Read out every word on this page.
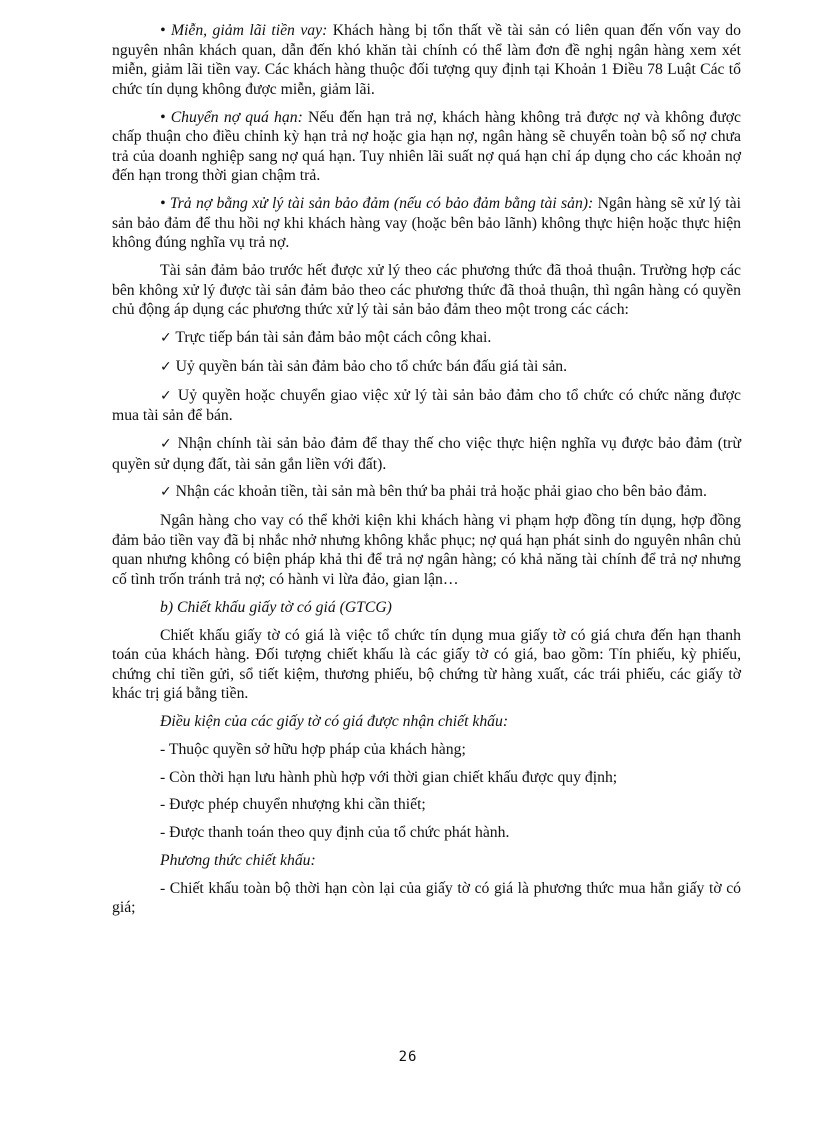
• Miễn, giảm lãi tiền vay: Khách hàng bị tổn thất về tài sản có liên quan đến vốn vay do nguyên nhân khách quan, dẫn đến khó khăn tài chính có thể làm đơn đề nghị ngân hàng xem xét miễn, giảm lãi tiền vay. Các khách hàng thuộc đối tượng quy định tại Khoản 1 Điều 78 Luật Các tổ chức tín dụng không được miễn, giảm lãi.

• Chuyển nợ quá hạn: Nếu đến hạn trả nợ, khách hàng không trả được nợ và không được chấp thuận cho điều chỉnh kỳ hạn trả nợ hoặc gia hạn nợ, ngân hàng sẽ chuyển toàn bộ số nợ chưa trả của doanh nghiệp sang nợ quá hạn. Tuy nhiên lãi suất nợ quá hạn chỉ áp dụng cho các khoản nợ đến hạn trong thời gian chậm trả.

• Trả nợ bằng xử lý tài sản bảo đảm (nếu có bảo đảm bằng tài sản): Ngân hàng sẽ xử lý tài sản bảo đảm để thu hồi nợ khi khách hàng vay (hoặc bên bảo lãnh) không thực hiện hoặc thực hiện không đúng nghĩa vụ trả nợ.

Tài sản đảm bảo trước hết được xử lý theo các phương thức đã thoả thuận. Trường hợp các bên không xử lý được tài sản đảm bảo theo các phương thức đã thoả thuận, thì ngân hàng có quyền chủ động áp dụng các phương thức xử lý tài sản bảo đảm theo một trong các cách:

✓ Trực tiếp bán tài sản đảm bảo một cách công khai.

✓ Uỷ quyền bán tài sản đảm bảo cho tổ chức bán đấu giá tài sản.

✓ Uỷ quyền hoặc chuyển giao việc xử lý tài sản bảo đảm cho tổ chức có chức năng được mua tài sản để bán.

✓ Nhận chính tài sản bảo đảm để thay thế cho việc thực hiện nghĩa vụ được bảo đảm (trừ quyền sử dụng đất, tài sản gắn liền với đất).

✓ Nhận các khoản tiền, tài sản mà bên thứ ba phải trả hoặc phải giao cho bên bảo đảm.

Ngân hàng cho vay có thể khởi kiện khi khách hàng vi phạm hợp đồng tín dụng, hợp đồng đảm bảo tiền vay đã bị nhắc nhở nhưng không khắc phục; nợ quá hạn phát sinh do nguyên nhân chủ quan nhưng không có biện pháp khả thi để trả nợ ngân hàng; có khả năng tài chính để trả nợ nhưng cố tình trốn tránh trả nợ; có hành vi lừa đảo, gian lận…

b) Chiết khấu giấy tờ có giá (GTCG)

Chiết khấu giấy tờ có giá là việc tổ chức tín dụng mua giấy tờ có giá chưa đến hạn thanh toán của khách hàng. Đối tượng chiết khấu là các giấy tờ có giá, bao gồm: Tín phiếu, kỳ phiếu, chứng chỉ tiền gửi, sổ tiết kiệm, thương phiếu, bộ chứng từ hàng xuất, các trái phiếu, các giấy tờ khác trị giá bằng tiền.

Điều kiện của các giấy tờ có giá được nhận chiết khấu:

- Thuộc quyền sở hữu hợp pháp của khách hàng;

- Còn thời hạn lưu hành phù hợp với thời gian chiết khấu được quy định;

- Được phép chuyển nhượng khi cần thiết;

- Được thanh toán theo quy định của tổ chức phát hành.

Phương thức chiết khấu:

- Chiết khấu toàn bộ thời hạn còn lại của giấy tờ có giá là phương thức mua hẳn giấy tờ có giá;

26
